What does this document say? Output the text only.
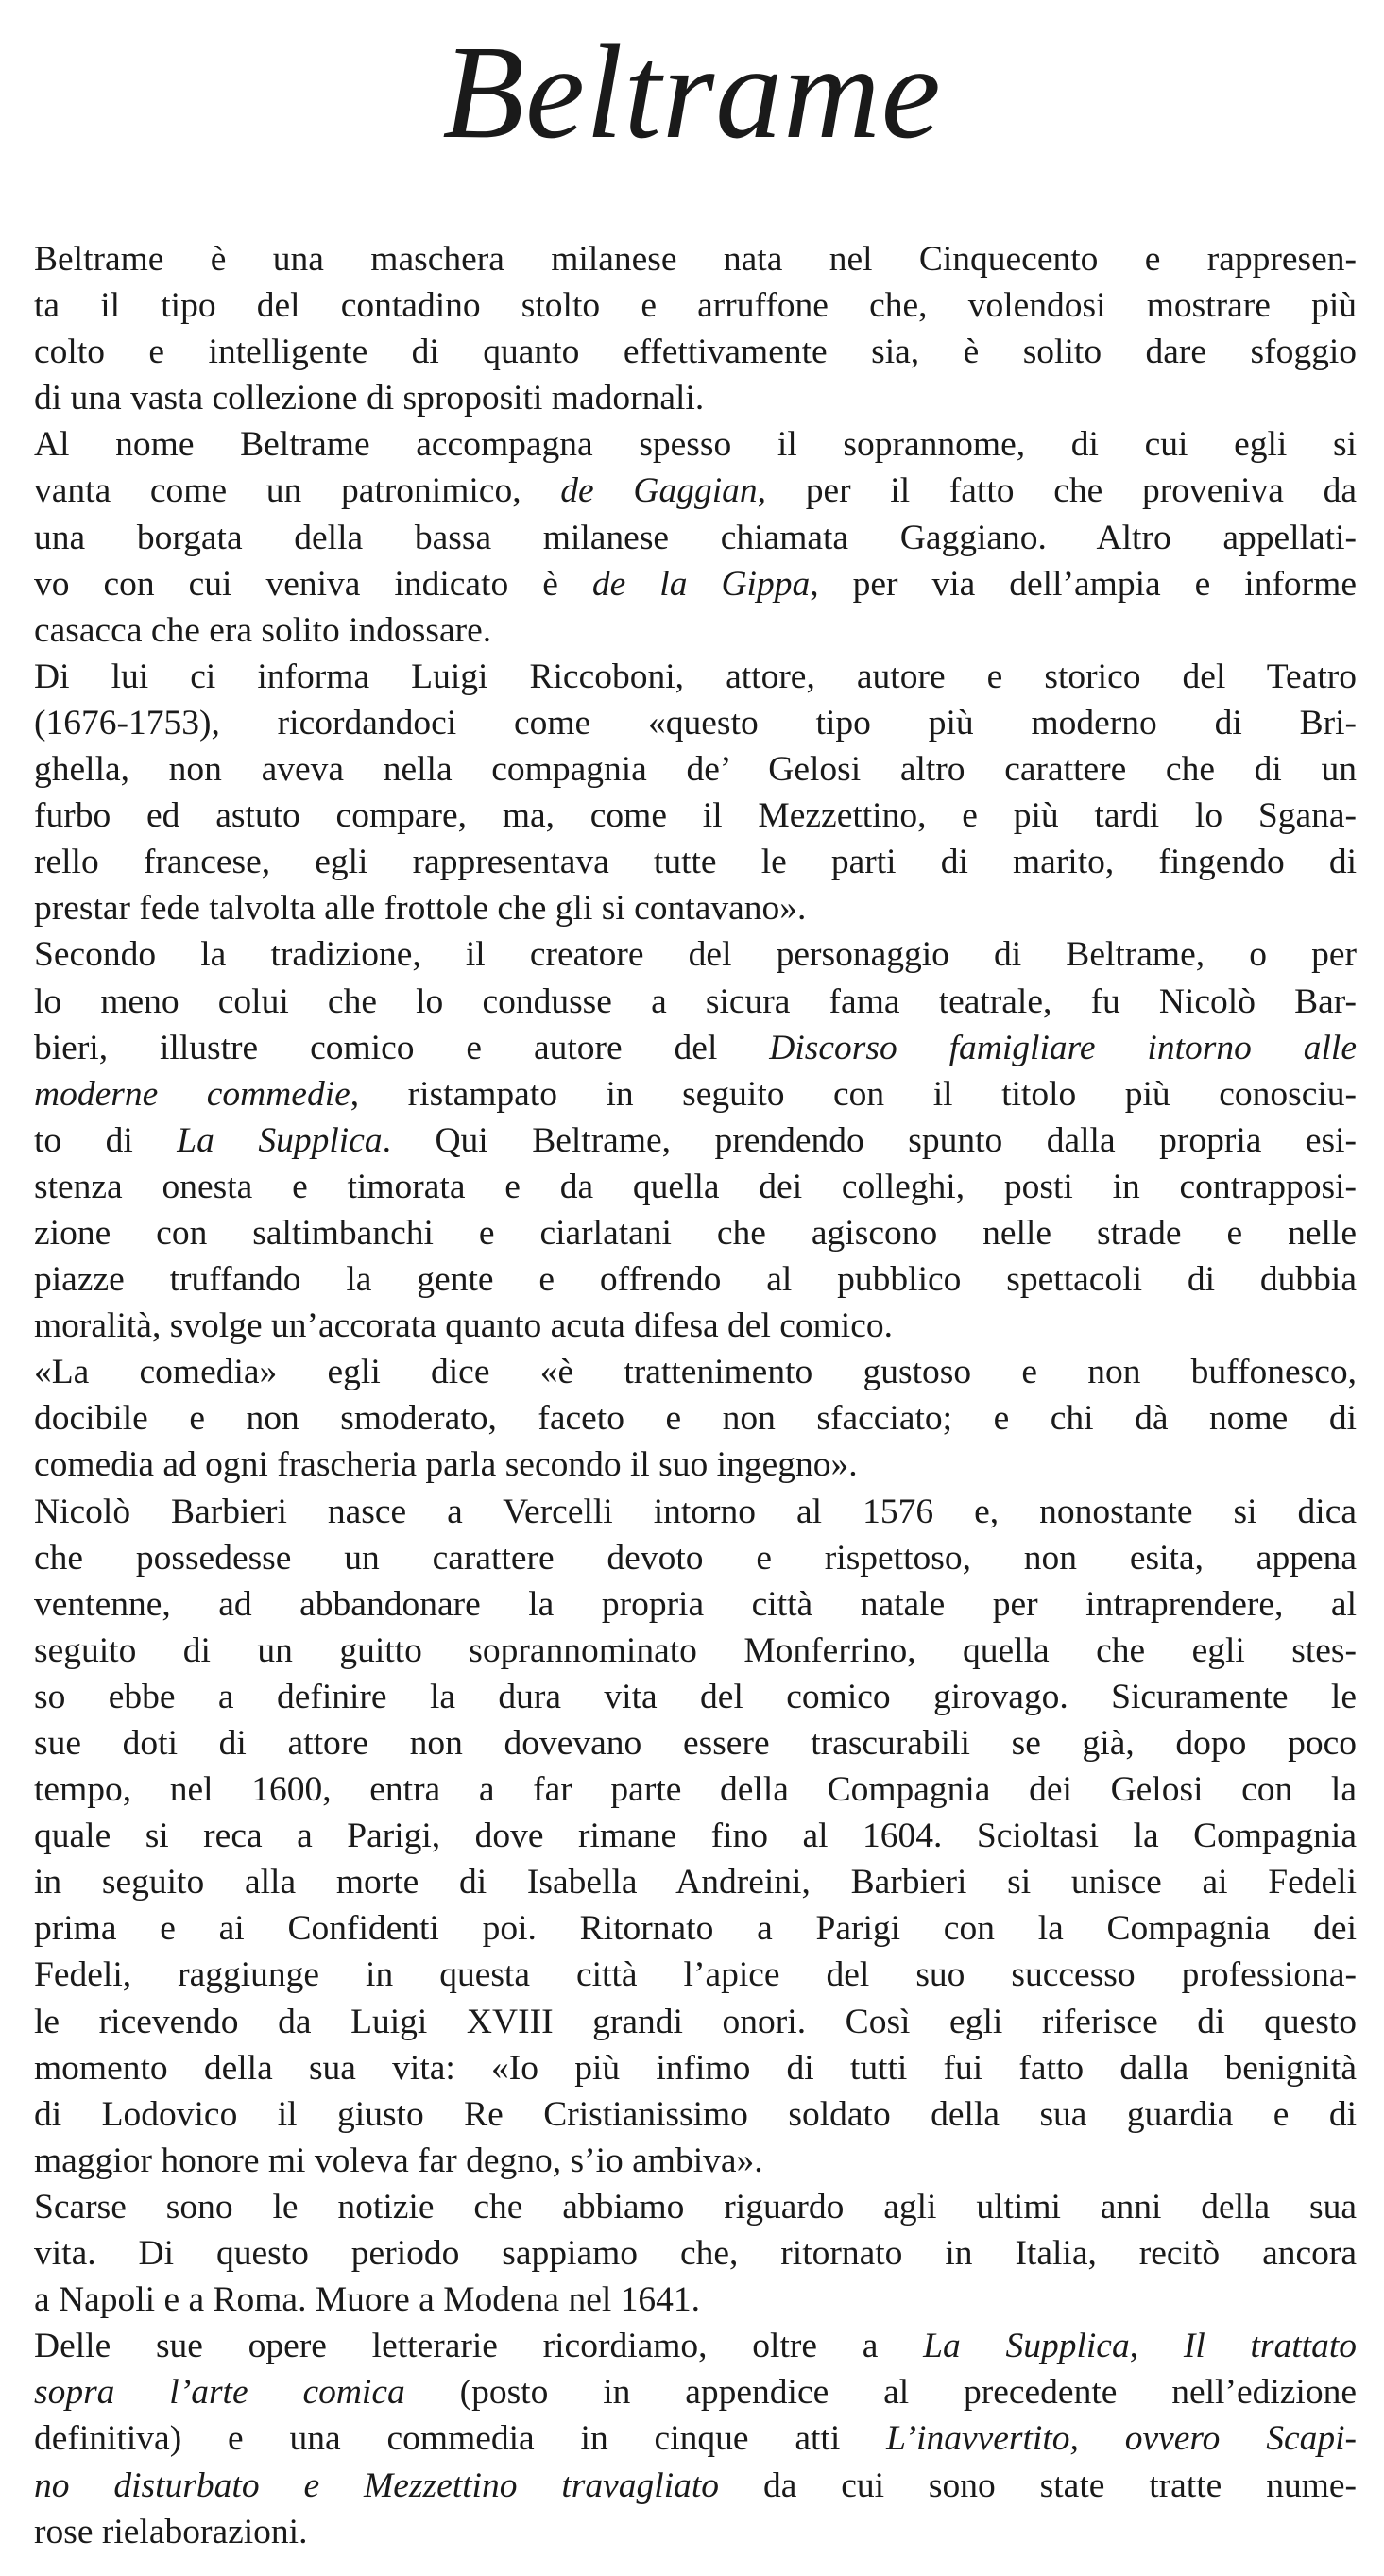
Beltrame
Beltrame è una maschera milanese nata nel Cinquecento e rappresen-
ta il tipo del contadino stolto e arruffone che, volendosi mostrare più
colto e intelligente di quanto effettivamente sia, è solito dare sfoggio
di una vasta collezione di spropositi madornali.
Al nome Beltrame accompagna spesso il soprannome, di cui egli si
vanta come un patronimico, de Gaggian, per il fatto che proveniva da
una borgata della bassa milanese chiamata Gaggiano. Altro appellati-
vo con cui veniva indicato è de la Gippa, per via dell’ampia e informe
casacca che era solito indossare.
Di lui ci informa Luigi Riccoboni, attore, autore e storico del Teatro
(1676-1753), ricordandoci come «questo tipo più moderno di Bri-
ghella, non aveva nella compagnia de’ Gelosi altro carattere che di un
furbo ed astuto compare, ma, come il Mezzettino, e più tardi lo Sgana-
rello francese, egli rappresentava tutte le parti di marito, fingendo di
prestar fede talvolta alle frottole che gli si contavano».
Secondo la tradizione, il creatore del personaggio di Beltrame, o per
lo meno colui che lo condusse a sicura fama teatrale, fu Nicolò Bar-
bieri, illustre comico e autore del Discorso famigliare intorno alle
moderne commedie, ristampato in seguito con il titolo più conosciu-
to di La Supplica. Qui Beltrame, prendendo spunto dalla propria esi-
stenza onesta e timorata e da quella dei colleghi, posti in contrapposi-
zione con saltimbanchi e ciarlatani che agiscono nelle strade e nelle
piazze truffando la gente e offrendo al pubblico spettacoli di dubbia
moralità, svolge un’accorata quanto acuta difesa del comico.
«La comedia» egli dice «è trattenimento gustoso e non buffonesco,
docibile e non smoderato, faceto e non sfacciato; e chi dà nome di
comedia ad ogni frascheria parla secondo il suo ingegno».
Nicolò Barbieri nasce a Vercelli intorno al 1576 e, nonostante si dica
che possedesse un carattere devoto e rispettoso, non esita, appena
ventenne, ad abbandonare la propria città natale per intraprendere, al
seguito di un guitto soprannominato Monferrino, quella che egli stes-
so ebbe a definire la dura vita del comico girovago. Sicuramente le
sue doti di attore non dovevano essere trascurabili se già, dopo poco
tempo, nel 1600, entra a far parte della Compagnia dei Gelosi con la
quale si reca a Parigi, dove rimane fino al 1604. Scioltasi la Compagnia
in seguito alla morte di Isabella Andreini, Barbieri si unisce ai Fedeli
prima e ai Confidenti poi. Ritornato a Parigi con la Compagnia dei
Fedeli, raggiunge in questa città l’apice del suo successo professiona-
le ricevendo da Luigi XVIII grandi onori. Così egli riferisce di questo
momento della sua vita: «Io più infimo di tutti fui fatto dalla benignità
di Lodovico il giusto Re Cristianissimo soldato della sua guardia e di
maggior honore mi voleva far degno, s’io ambiva».
Scarse sono le notizie che abbiamo riguardo agli ultimi anni della sua
vita. Di questo periodo sappiamo che, ritornato in Italia, recitò ancora
a Napoli e a Roma. Muore a Modena nel 1641.
Delle sue opere letterarie ricordiamo, oltre a La Supplica, Il trattato
sopra l’arte comica (posto in appendice al precedente nell’edizione
definitiva) e una commedia in cinque atti L’inavvertito, ovvero Scapi-
no disturbato e Mezzettino travagliato da cui sono state tratte nume-
rose rielaborazioni.
